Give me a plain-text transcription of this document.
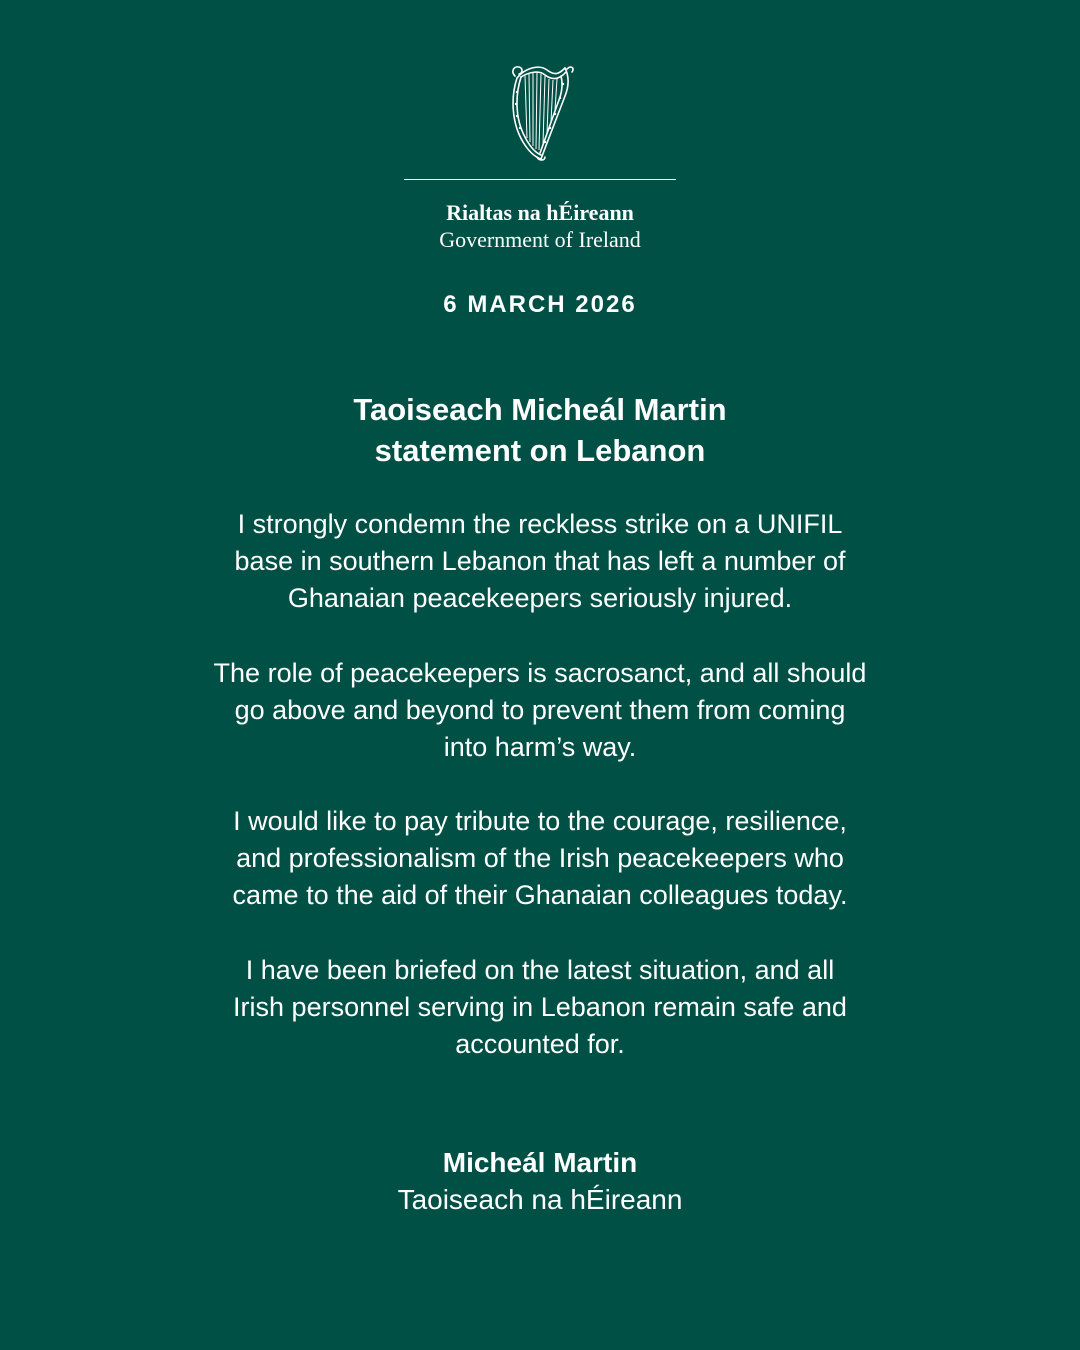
Rialtas na hÉireann
Government of Ireland
6 MARCH 2026
Taoiseach Micheál Martin
statement on Lebanon
I strongly condemn the reckless strike on a UNIFIL
base in southern Lebanon that has left a number of
Ghanaian peacekeepers seriously injured.
The role of peacekeepers is sacrosanct, and all should
go above and beyond to prevent them from coming
into harm’s way.
I would like to pay tribute to the courage, resilience,
and professionalism of the Irish peacekeepers who
came to the aid of their Ghanaian colleagues today.
I have been briefed on the latest situation, and all
Irish personnel serving in Lebanon remain safe and
accounted for.
Micheál Martin
Taoiseach na hÉireann
